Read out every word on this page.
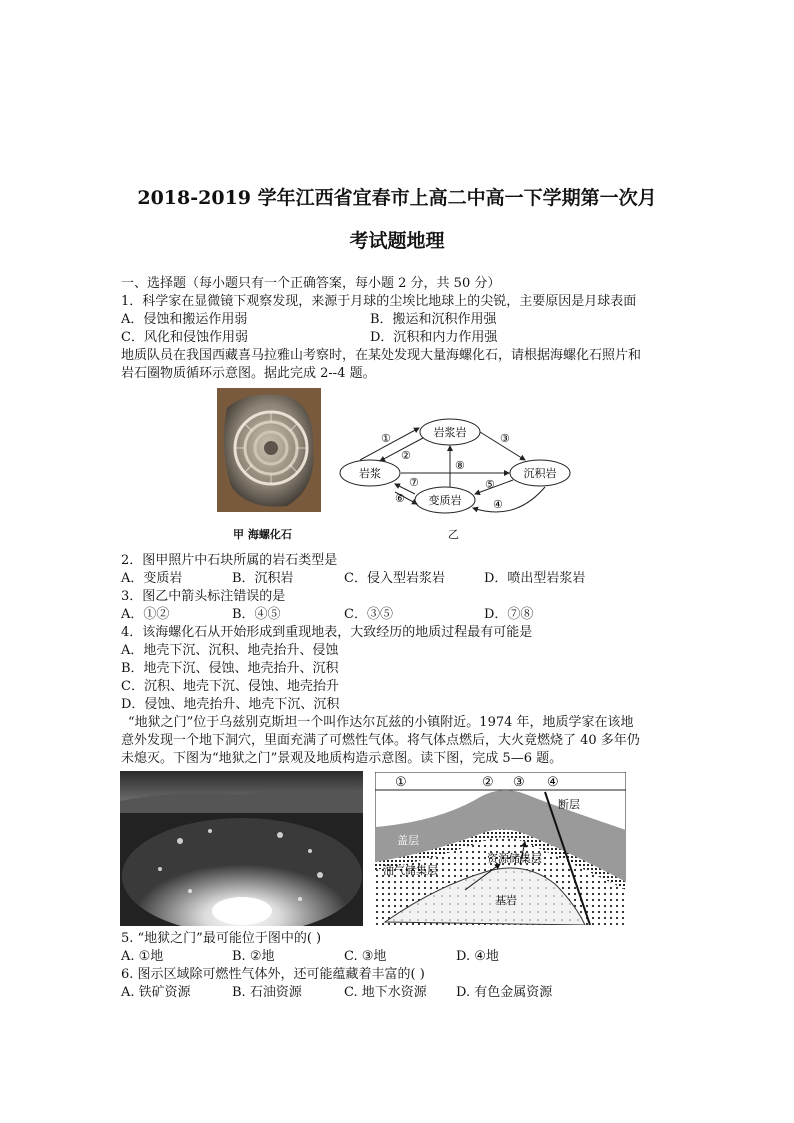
2018-2019 学年江西省宜春市上高二中高一下学期第一次月
考试题地理
一、选择题（每小题只有一个正确答案，每小题 2 分，共 50 分）
1．科学家在显微镜下观察发现，来源于月球的尘埃比地球上的尖锐，主要原因是月球表面
A．侵蚀和搬运作用弱	B．搬运和沉积作用强
C．风化和侵蚀作用弱	D．沉积和内力作用强
地质队员在我国西藏喜马拉雅山考察时，在某处发现大量海螺化石，请根据海螺化石照片和
岩石圈物质循环示意图。据此完成 2--4 题。
甲 海螺化石
岩浆岩
岩浆	沉积岩
变质岩
①
②
③
④
⑤
⑥
⑦
⑧
乙
2．图甲照片中石块所属的岩石类型是
A．变质岩	B．沉积岩	C．侵入型岩浆岩	D．喷出型岩浆岩
3．图乙中箭头标注错误的是
A．①②	B．④⑤	C．③⑤	D．⑦⑧
4．该海螺化石从开始形成到重现地表，大致经历的地质过程最有可能是
A．地壳下沉、沉积、地壳抬升、侵蚀
B．地壳下沉、侵蚀、地壳抬升、沉积
C．沉积、地壳下沉、侵蚀、地壳抬升
D．侵蚀、地壳抬升、地壳下沉、沉积
“地狱之门”位于乌兹别克斯坦一个叫作达尔瓦兹的小镇附近。1974 年，地质学家在该地
意外发现一个地下洞穴，里面充满了可燃性气体。将气体点燃后，大火竟燃烧了 40 多年仍
未熄灭。下图为“地狱之门”景观及地质构造示意图。读下图，完成 5—6 题。
①	② ③ ④
断层
盖层
油气储集层
资源储集层
基岩
5. “地狱之门”最可能位于图中的( )
A. ①地	B. ②地	C. ③地	D. ④地
6. 图示区域除可燃性气体外，还可能蕴藏着丰富的( )
A. 铁矿资源	B. 石油资源	C. 地下水资源 D. 有色金属资源
